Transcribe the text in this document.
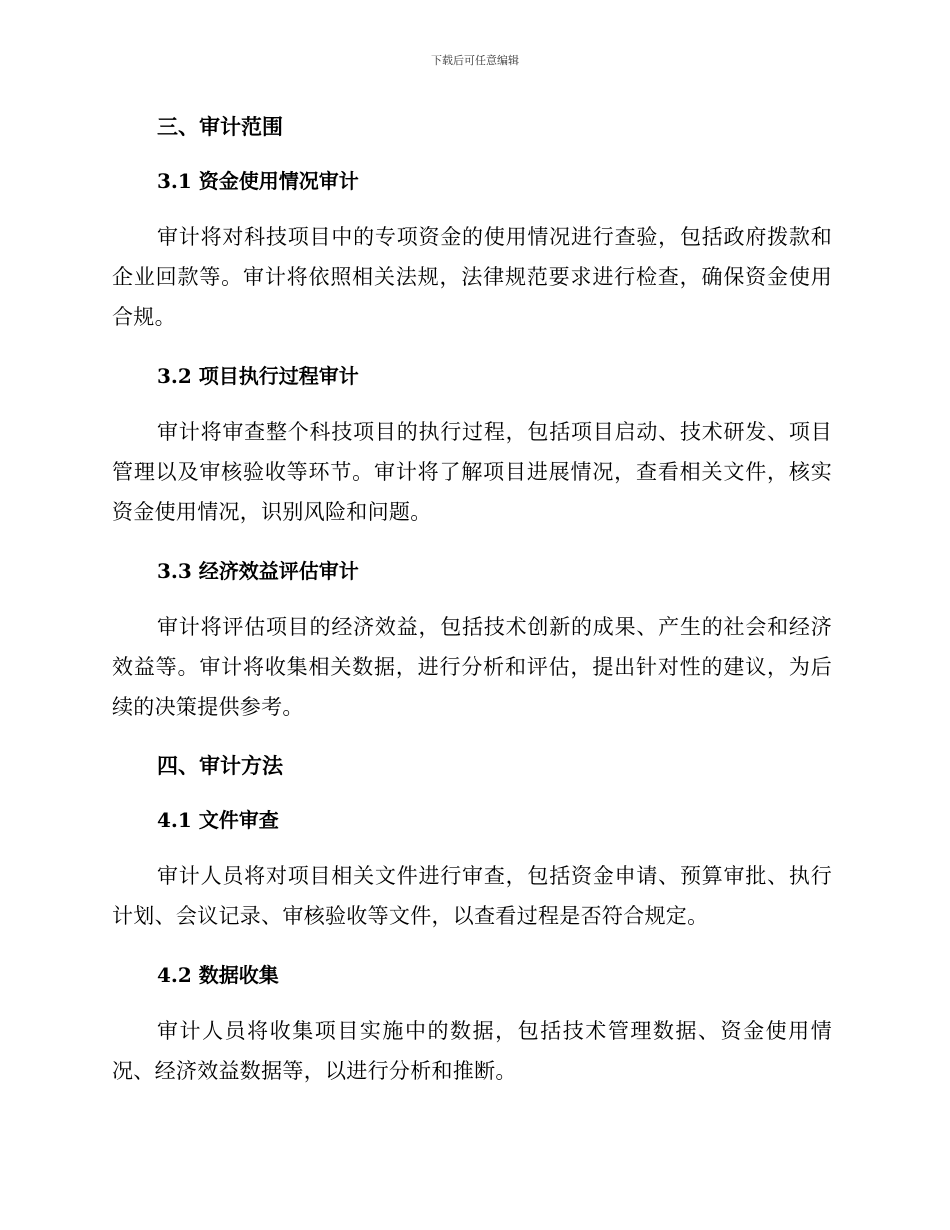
下载后可任意编辑
三、审计范围
3.1 资金使用情况审计

审计将对科技项目中的专项资金的使用情况进行查验，包括政府拨款和企业回款等。审计将依照相关法规，法律规范要求进行检查，确保资金使用合规。

3.2 项目执行过程审计

审计将审查整个科技项目的执行过程，包括项目启动、技术研发、项目管理以及审核验收等环节。审计将了解项目进展情况，查看相关文件，核实资金使用情况，识别风险和问题。

3.3 经济效益评估审计

审计将评估项目的经济效益，包括技术创新的成果、产生的社会和经济效益等。审计将收集相关数据，进行分析和评估，提出针对性的建议，为后续的决策提供参考。

四、审计方法
4.1 文件审查

审计人员将对项目相关文件进行审查，包括资金申请、预算审批、执行计划、会议记录、审核验收等文件，以查看过程是否符合规定。

4.2 数据收集

审计人员将收集项目实施中的数据，包括技术管理数据、资金使用情况、经济效益数据等，以进行分析和推断。
